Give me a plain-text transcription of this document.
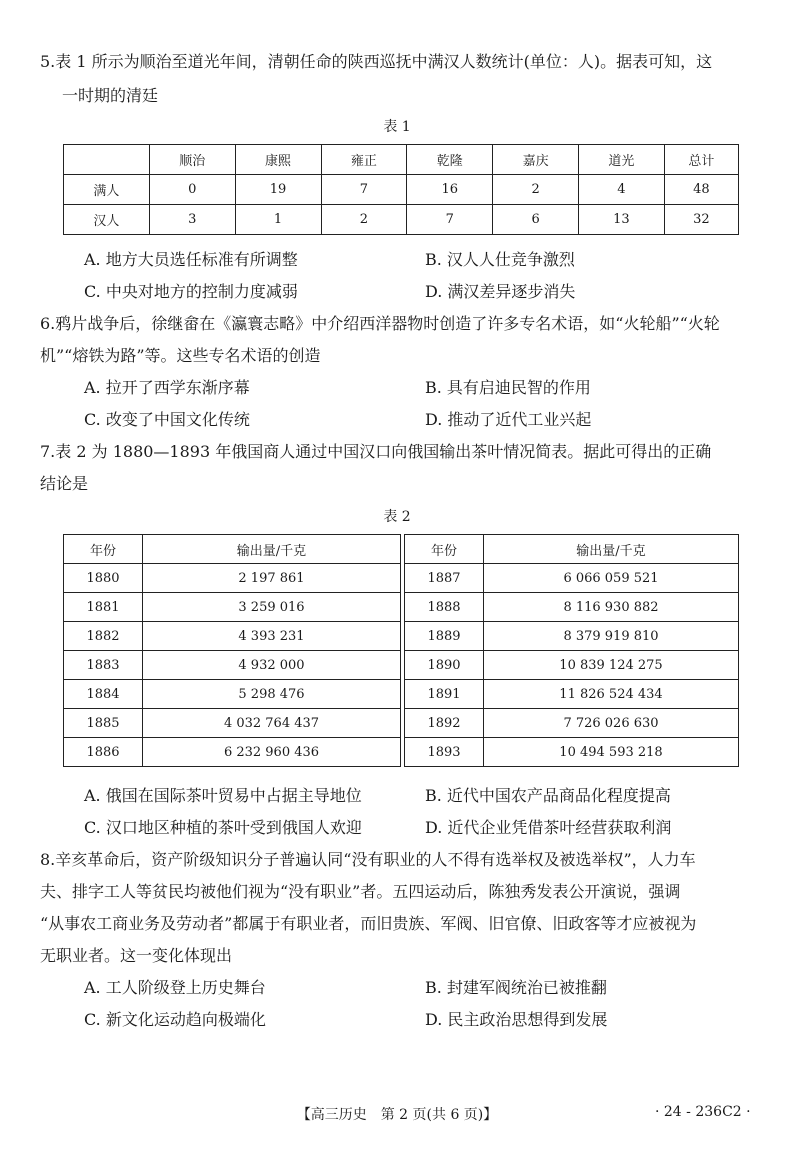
5.表 1 所示为顺治至道光年间，清朝任命的陕西巡抚中满汉人数统计(单位：人)。据表可知，这
一时期的清廷
表 1
	顺治	康熙	雍正	乾隆	嘉庆	道光	总计
满人	0	19	7	16	2	4	48
汉人	3	1	2	7	6	13	32
A. 地方大员选任标准有所调整	B. 汉人人仕竞争激烈
C. 中央对地方的控制力度减弱	D. 满汉差异逐步消失
6.鸦片战争后，徐继畲在《瀛寰志略》中介绍西洋器物时创造了许多专名术语，如“火轮船”“火轮
机”“熔铁为路”等。这些专名术语的创造
A. 拉开了西学东渐序幕	B. 具有启迪民智的作用
C. 改变了中国文化传统	D. 推动了近代工业兴起
7.表 2 为 1880—1893 年俄国商人通过中国汉口向俄国输出茶叶情况简表。据此可得出的正确
结论是
表 2
年份	输出量/千克
1880	2 197 861
1881	3 259 016
1882	4 393 231
1883	4 932 000
1884	5 298 476
1885	4 032 764 437
1886	6 232 960 436
年份	输出量/千克
1887	6 066 059 521
1888	8 116 930 882
1889	8 379 919 810
1890	10 839 124 275
1891	11 826 524 434
1892	7 726 026 630
1893	10 494 593 218
A. 俄国在国际茶叶贸易中占据主导地位	B. 近代中国农产品商品化程度提高
C. 汉口地区种植的茶叶受到俄国人欢迎	D. 近代企业凭借茶叶经营获取利润
8.辛亥革命后，资产阶级知识分子普遍认同“没有职业的人不得有选举权及被选举权”，人力车
夫、排字工人等贫民均被他们视为“没有职业”者。五四运动后，陈独秀发表公开演说，强调
“从事农工商业务及劳动者”都属于有职业者，而旧贵族、军阀、旧官僚、旧政客等才应被视为
无职业者。这一变化体现出
A. 工人阶级登上历史舞台	B. 封建军阀统治已被推翻
C. 新文化运动趋向极端化	D. 民主政治思想得到发展
【高三历史　第 2 页(共 6 页)】	· 24 - 236C2 ·
